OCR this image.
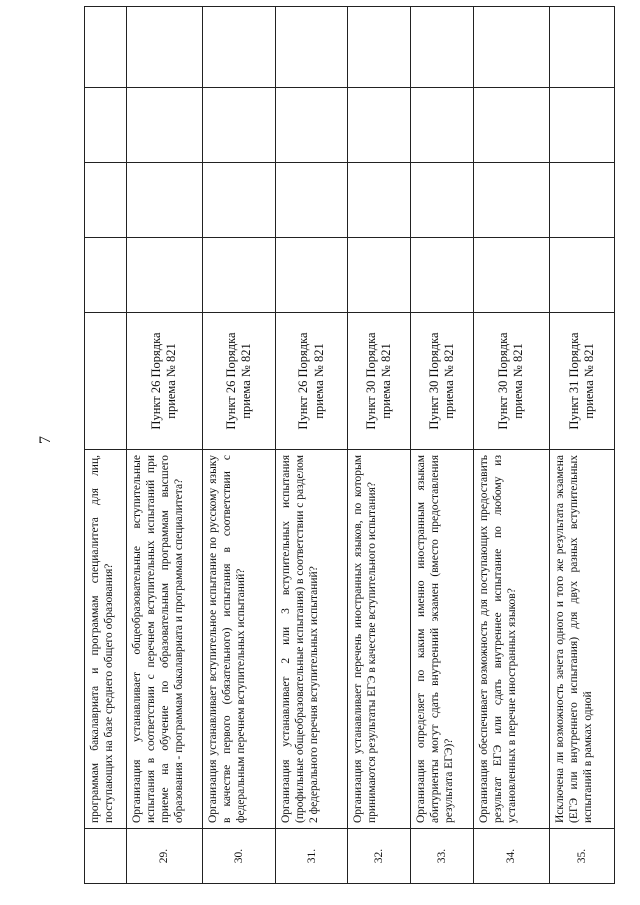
7
	программам бакалавриата и программам специалитета для лиц, поступающих на базе среднего общего образования?					
29.	Организация устанавливает общеобразовательные вступительные испытания в соответствии с перечнем вступительных испытаний при приеме на обучение по образовательным программам высшего образования - программам бакалавриата и программам специалитета?	Пункт 26 Порядка приема № 821				
30.	Организация устанавливает вступительное испытание по русскому языку в качестве первого (обязательного) испытания в соответствии с федеральным перечнем вступительных испытаний?	Пункт 26 Порядка приема № 821				
31.	Организация устанавливает 2 или 3 вступительных испытания (профильные общеобразовательные испытания) в соответствии с разделом 2 федерального перечня вступительных испытаний?	Пункт 26 Порядка приема № 821				
32.	Организация устанавливает перечень иностранных языков, по которым принимаются результаты ЕГЭ в качестве вступительного испытания?	Пункт 30 Порядка приема № 821				
33.	Организация определяет по каким именно иностранным языкам абитуриенты могут сдать внутренний экзамен (вместо предоставления результата ЕГЭ)?	Пункт 30 Порядка приема № 821				
34.	Организация обеспечивает возможность для поступающих предоставить результат ЕГЭ или сдать внутреннее испытание по любому из установленных в перечне иностранных языков?	Пункт 30 Порядка приема № 821				
35.	Исключена ли возможность зачета одного и того же результата экзамена (ЕГЭ или внутреннего испытания) для двух разных вступительных испытаний в рамках одной	Пункт 31 Порядка приема № 821				
